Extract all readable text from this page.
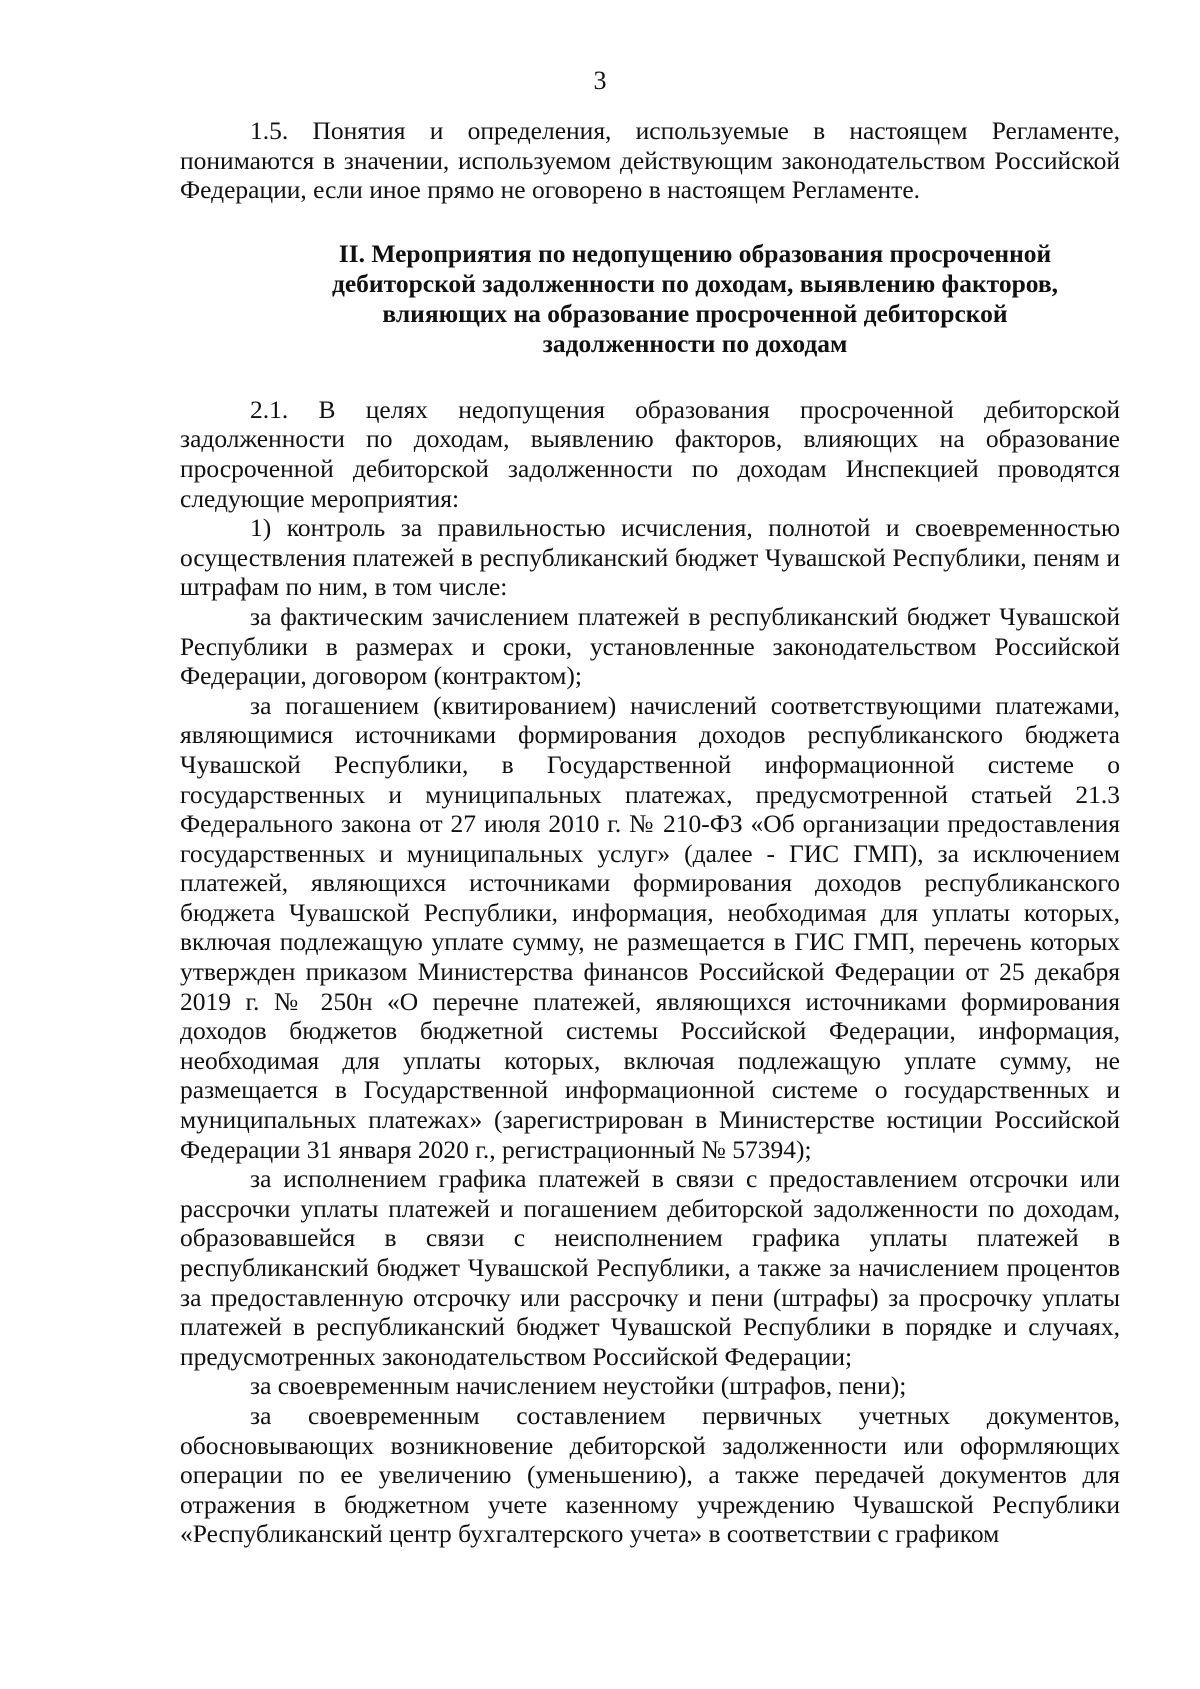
3

1.5. Понятия и определения, используемые в настоящем Регламенте, понимаются в значении, используемом действующим законодательством Российской Федерации, если иное прямо не оговорено в настоящем Регламенте.

II. Мероприятия по недопущению образования просроченной
дебиторской задолженности по доходам, выявлению факторов,
влияющих на образование просроченной дебиторской
задолженности по доходам

2.1. В целях недопущения образования просроченной дебиторской задолженности по доходам, выявлению факторов, влияющих на образование просроченной дебиторской задолженности по доходам Инспекцией проводятся следующие мероприятия:

1) контроль за правильностью исчисления, полнотой и своевременностью осуществления платежей в республиканский бюджет Чувашской Республики, пеням и штрафам по ним, в том числе:

за фактическим зачислением платежей в республиканский бюджет Чувашской Республики в размерах и сроки, установленные законодательством Российской Федерации, договором (контрактом);

за погашением (квитированием) начислений соответствующими платежами, являющимися источниками формирования доходов республиканского бюджета Чувашской Республики, в Государственной информационной системе о государственных и муниципальных платежах, предусмотренной статьей 21.3 Федерального закона от 27 июля 2010 г. № 210-ФЗ «Об организации предоставления государственных и муниципальных услуг» (далее - ГИС ГМП), за исключением платежей, являющихся источниками формирования доходов республиканского бюджета Чувашской Республики, информация, необходимая для уплаты которых, включая подлежащую уплате сумму, не размещается в ГИС ГМП, перечень которых утвержден приказом Министерства финансов Российской Федерации от 25 декабря 2019 г. № 250н «О перечне платежей, являющихся источниками формирования доходов бюджетов бюджетной системы Российской Федерации, информация, необходимая для уплаты которых, включая подлежащую уплате сумму, не размещается в Государственной информационной системе о государственных и муниципальных платежах» (зарегистрирован в Министерстве юстиции Российской Федерации 31 января 2020 г., регистрационный № 57394);

за исполнением графика платежей в связи с предоставлением отсрочки или рассрочки уплаты платежей и погашением дебиторской задолженности по доходам, образовавшейся в связи с неисполнением графика уплаты платежей в республиканский бюджет Чувашской Республики, а также за начислением процентов за предоставленную отсрочку или рассрочку и пени (штрафы) за просрочку уплаты платежей в республиканский бюджет Чувашской Республики в порядке и случаях, предусмотренных законодательством Российской Федерации;

за своевременным начислением неустойки (штрафов, пени);

за своевременным составлением первичных учетных документов, обосновывающих возникновение дебиторской задолженности или оформляющих операции по ее увеличению (уменьшению), а также передачей документов для отражения в бюджетном учете казенному учреждению Чувашской Республики «Республиканский центр бухгалтерского учета» в соответствии с графиком
